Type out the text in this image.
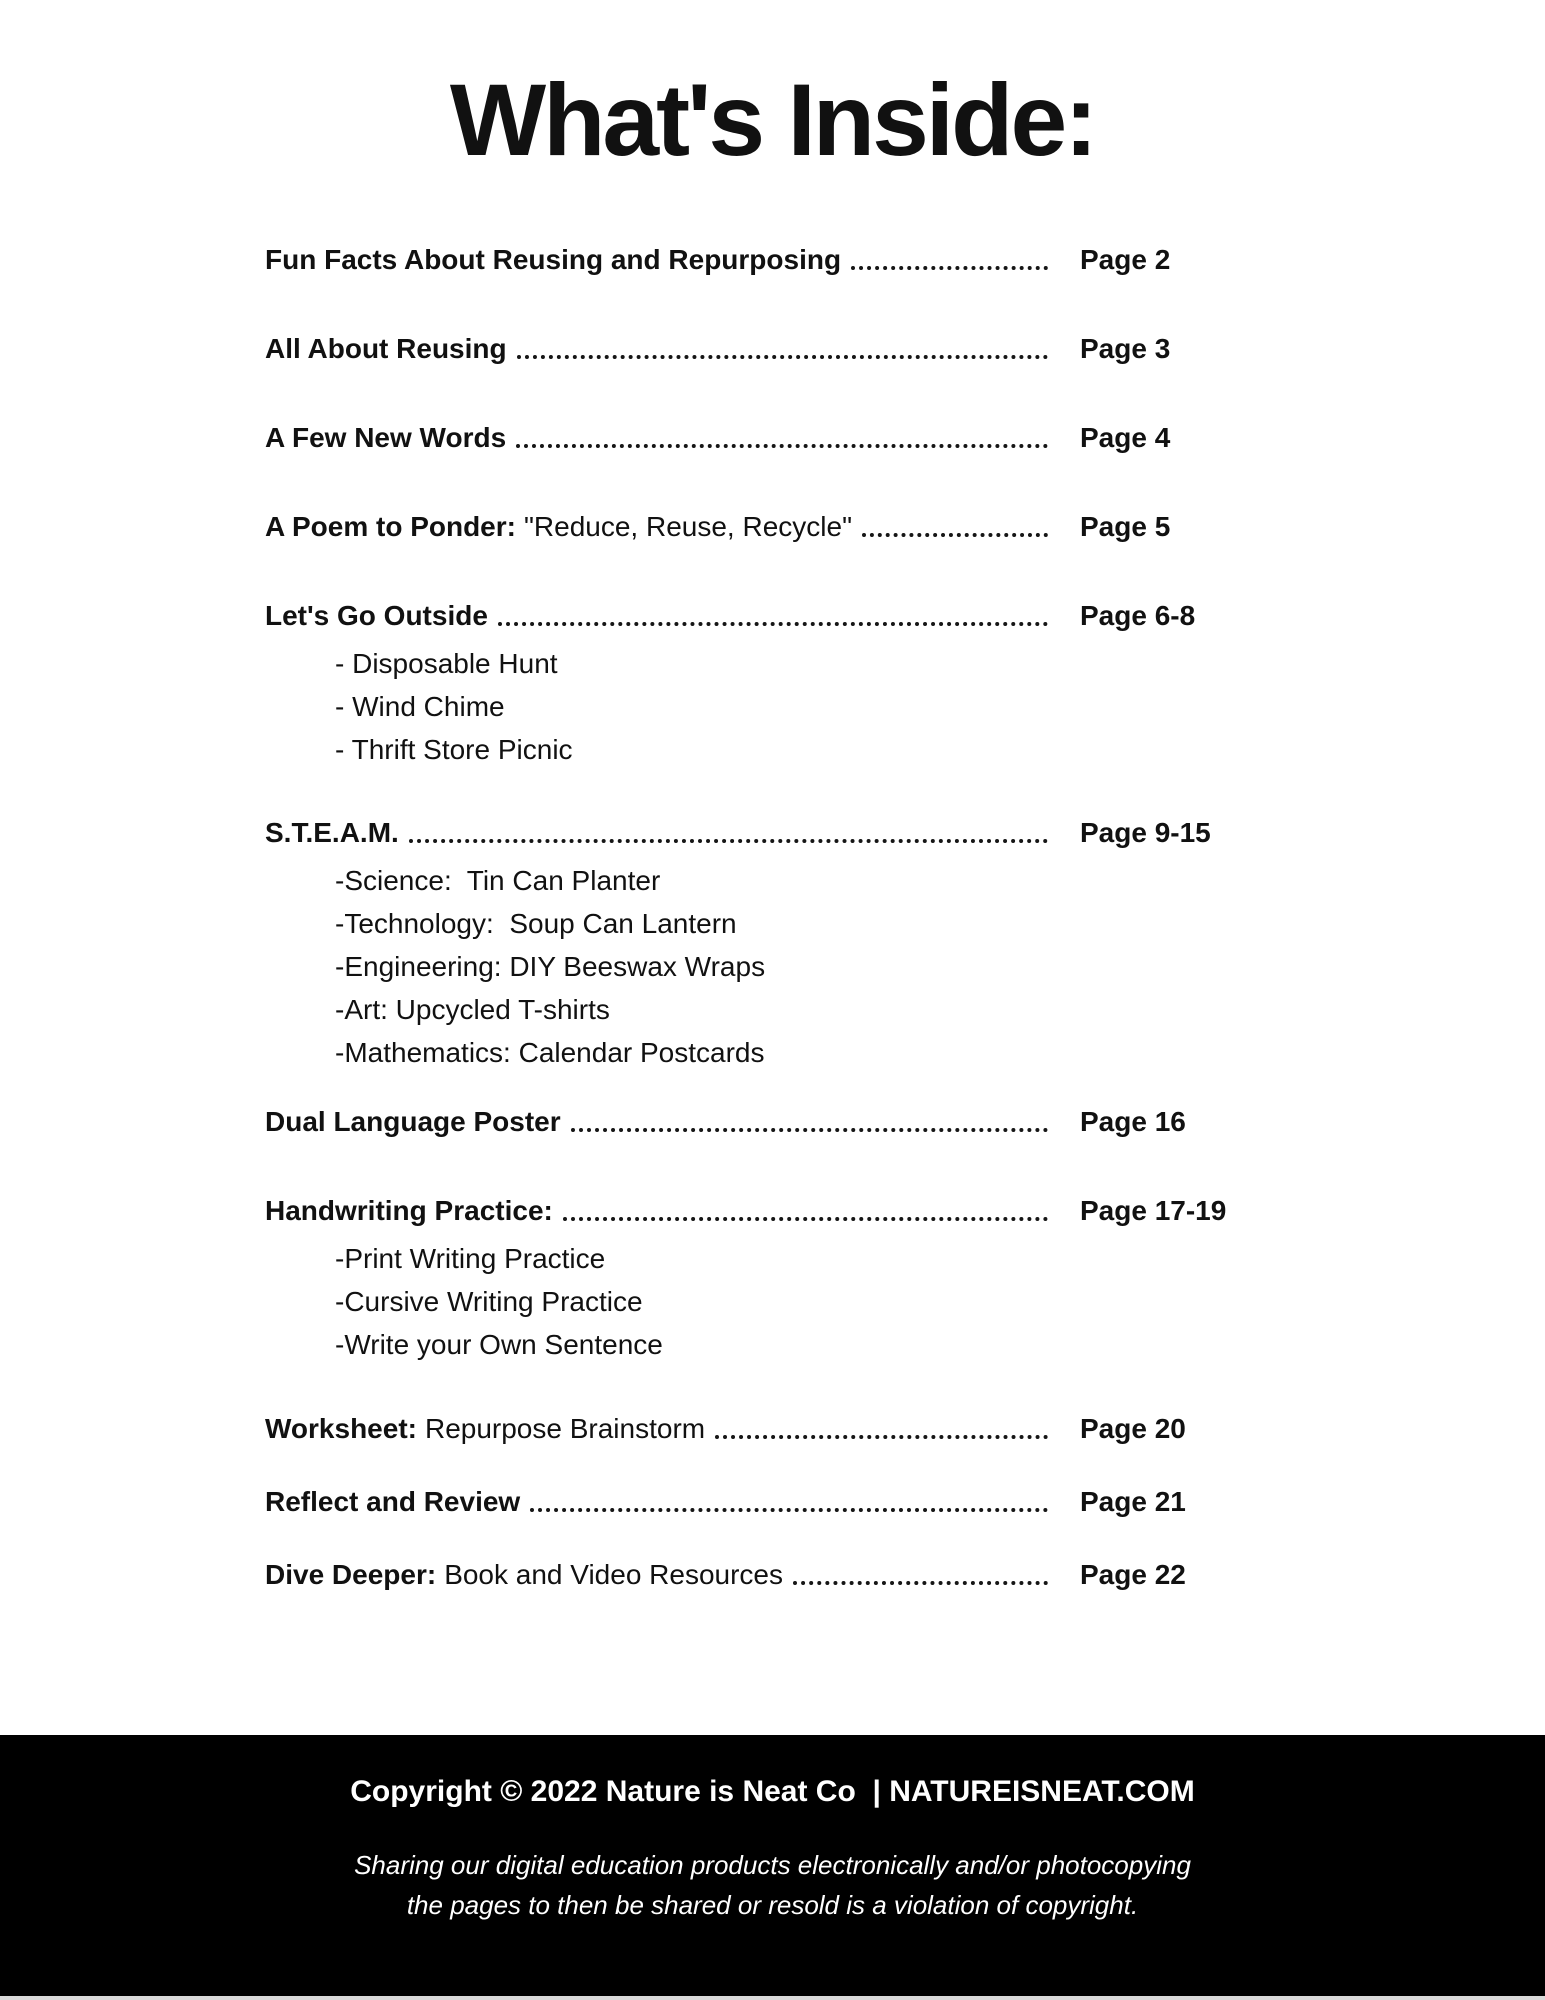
What's Inside:
Fun Facts About Reusing and Repurposing	Page 2
All About Reusing	Page 3
A Few New Words	Page 4
A Poem to Ponder: "Reduce, Reuse, Recycle"	Page 5
Let's Go Outside	Page 6-8
- Disposable Hunt
- Wind Chime
- Thrift Store Picnic
S.T.E.A.M.	Page 9-15
-Science:  Tin Can Planter
-Technology:  Soup Can Lantern
-Engineering: DIY Beeswax Wraps
-Art: Upcycled T-shirts
-Mathematics: Calendar Postcards
Dual Language Poster	Page 16
Handwriting Practice:	Page 17-19
-Print Writing Practice
-Cursive Writing Practice
-Write your Own Sentence
Worksheet: Repurpose Brainstorm	Page 20
Reflect and Review	Page 21
Dive Deeper: Book and Video Resources	Page 22
Copyright © 2022 Nature is Neat Co  | NATUREISNEAT.COM
Sharing our digital education products electronically and/or photocopying
the pages to then be shared or resold is a violation of copyright.
